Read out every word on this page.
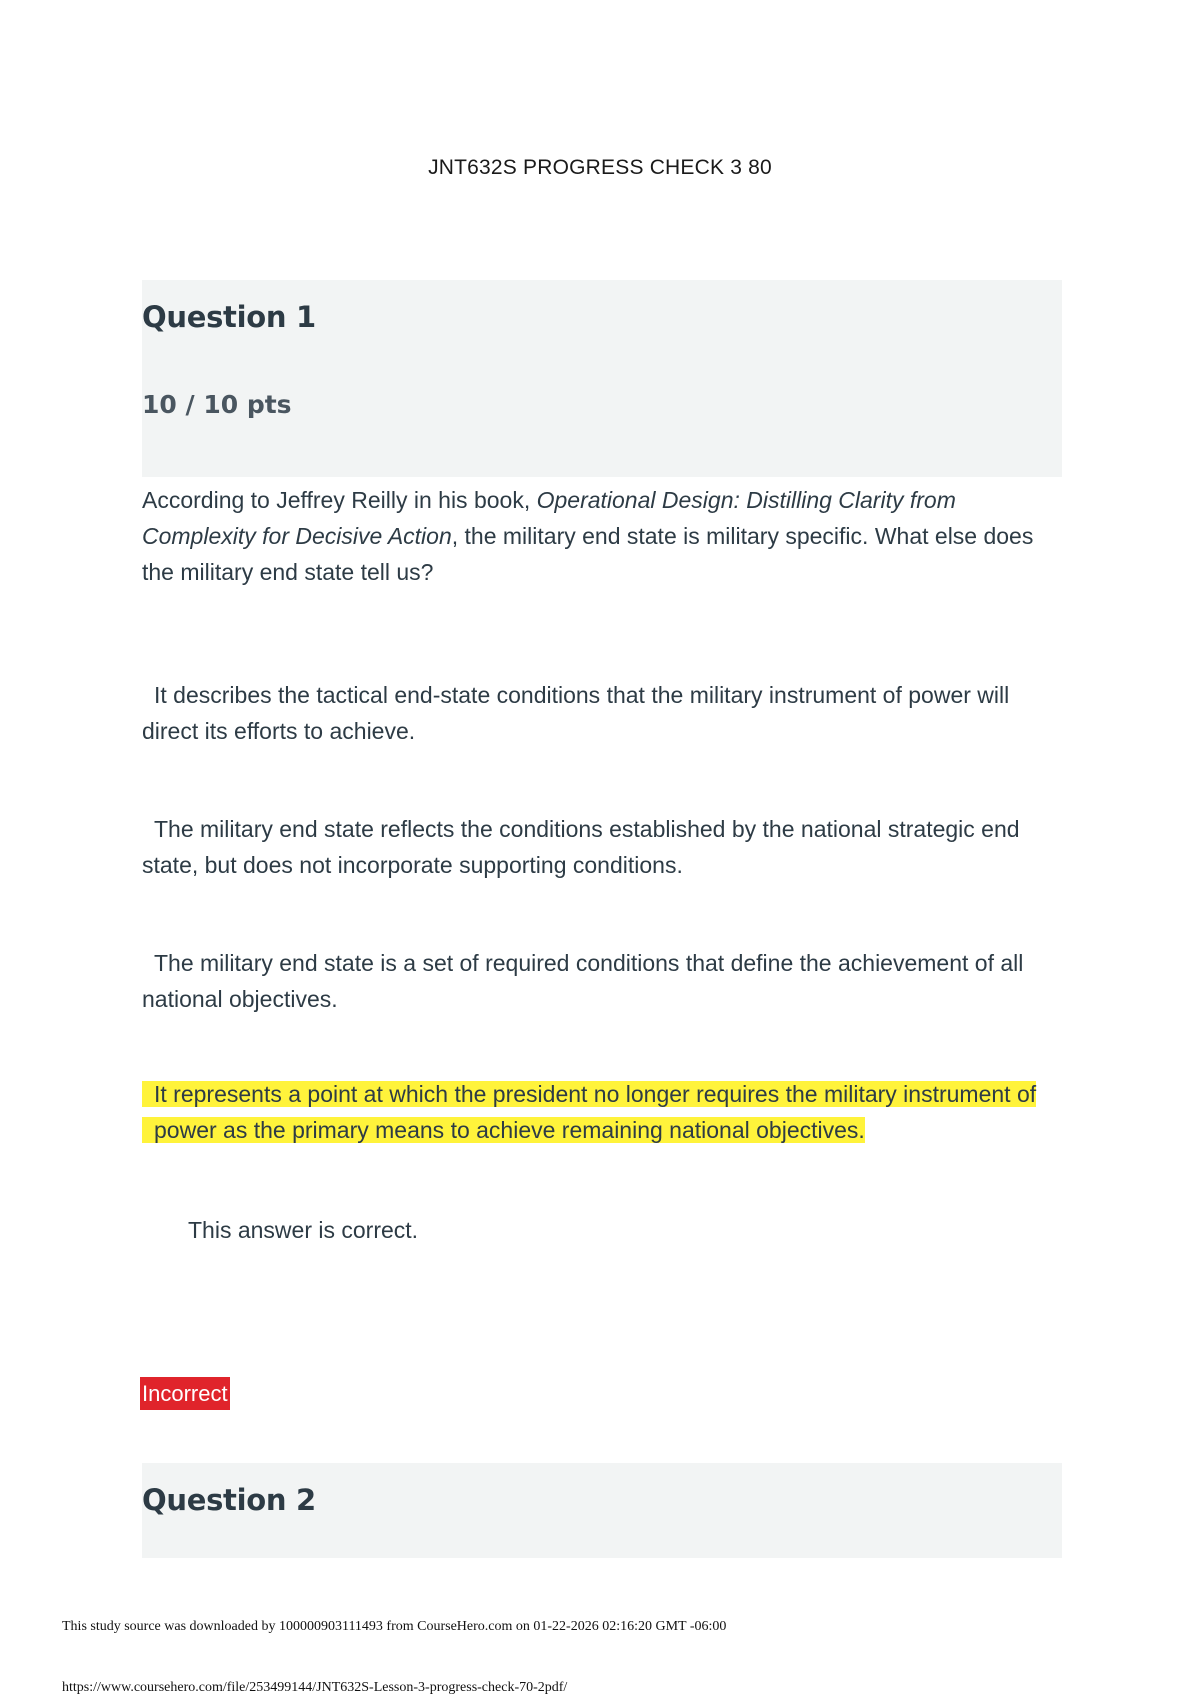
JNT632S PROGRESS CHECK 3 80
Question 1
10 / 10 pts
According to Jeffrey Reilly in his book, Operational Design: Distilling Clarity from Complexity for Decisive Action, the military end state is military specific. What else does the military end state tell us?
It describes the tactical end-state conditions that the military instrument of power will direct its efforts to achieve.
The military end state reflects the conditions established by the national strategic end state, but does not incorporate supporting conditions.
The military end state is a set of required conditions that define the achievement of all national objectives.
It represents a point at which the president no longer requires the military instrument of power as the primary means to achieve remaining national objectives.
This answer is correct.
Incorrect
Question 2
This study source was downloaded by 100000903111493 from CourseHero.com on 01-22-2026 02:16:20 GMT -06:00
https://www.coursehero.com/file/253499144/JNT632S-Lesson-3-progress-check-70-2pdf/
